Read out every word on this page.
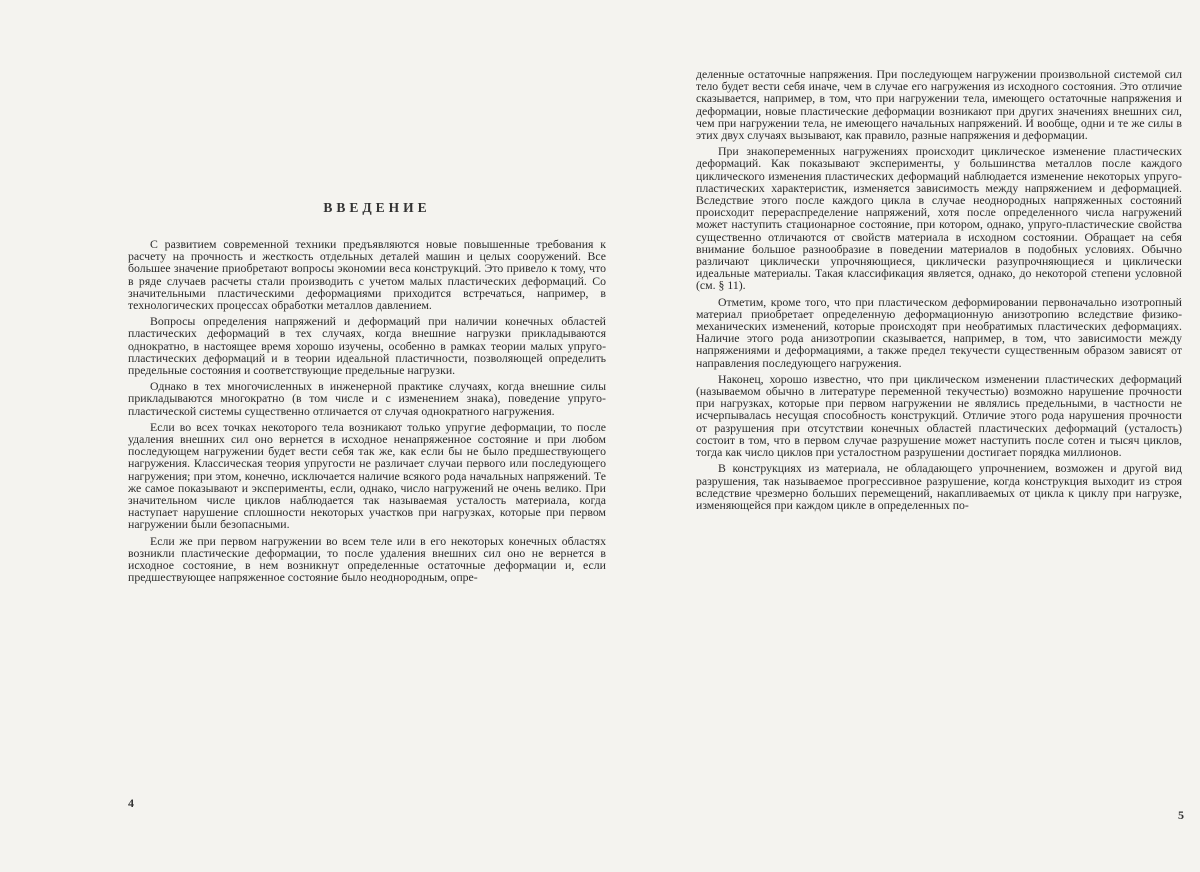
ВВЕДЕНИЕ

С развитием современной техники предъявляются новые повышенные требования к расчету на прочность и жесткость отдельных деталей машин и целых сооружений. Все большее значение приобретают вопросы экономии веса конструкций. Это привело к тому, что в ряде случаев расчеты стали производить с учетом малых пластических деформаций. Со значительными пластическими деформациями приходится встречаться, например, в технологических процессах обработки металлов давлением.

Вопросы определения напряжений и деформаций при наличии конечных областей пластических деформаций в тех случаях, когда внешние нагрузки прикладываются однократно, в настоящее время хорошо изучены, особенно в рамках теории малых упруго-пластических деформаций и в теории идеальной пластичности, позволяющей определить предельные состояния и соответствующие предельные нагрузки.

Однако в тех многочисленных в инженерной практике случаях, когда внешние силы прикладываются многократно (в том числе и с изменением знака), поведение упруго-пластической системы существенно отличается от случая однократного нагружения.

Если во всех точках некоторого тела возникают только упругие деформации, то после удаления внешних сил оно вернется в исходное ненапряженное состояние и при любом последующем нагружении будет вести себя так же, как если бы не было предшествующего нагружения. Классическая теория упругости не различает случаи первого или последующего нагружения; при этом, конечно, исключается наличие всякого рода начальных напряжений. Те же самое показывают и эксперименты, если, однако, число нагружений не очень велико. При значительном числе циклов наблюдается так называемая усталость материала, когда наступает нарушение сплошности некоторых участков при нагрузках, которые при первом нагружении были безопасными.

Если же при первом нагружении во всем теле или в его некоторых конечных областях возникли пластические деформации, то после удаления внешних сил оно не вернется в исходное состояние, в нем возникнут определенные остаточные деформации и, если предшествующее напряженное состояние было неоднородным, опре-

4

деленные остаточные напряжения. При последующем нагружении произвольной системой сил тело будет вести себя иначе, чем в случае его нагружения из исходного состояния. Это отличие сказывается, например, в том, что при нагружении тела, имеющего остаточные напряжения и деформации, новые пластические деформации возникают при других значениях внешних сил, чем при нагружении тела, не имеющего начальных напряжений. И вообще, одни и те же силы в этих двух случаях вызывают, как правило, разные напряжения и деформации.

При знакопеременных нагружениях происходит циклическое изменение пластических деформаций. Как показывают эксперименты, у большинства металлов после каждого циклического изменения пластических деформаций наблюдается изменение некоторых упруго-пластических характеристик, изменяется зависимость между напряжением и деформацией. Вследствие этого после каждого цикла в случае неоднородных напряженных состояний происходит перераспределение напряжений, хотя после определенного числа нагружений может наступить стационарное состояние, при котором, однако, упруго-пластические свойства существенно отличаются от свойств материала в исходном состоянии. Обращает на себя внимание большое разнообразие в поведении материалов в подобных условиях. Обычно различают циклически упрочняющиеся, циклически разупрочняющиеся и циклически идеальные материалы. Такая классификация является, однако, до некоторой степени условной (см. § 11).

Отметим, кроме того, что при пластическом деформировании первоначально изотропный материал приобретает определенную деформационную анизотропию вследствие физико-механических изменений, которые происходят при необратимых пластических деформациях. Наличие этого рода анизотропии сказывается, например, в том, что зависимости между напряжениями и деформациями, а также предел текучести существенным образом зависят от направления последующего нагружения.

Наконец, хорошо известно, что при циклическом изменении пластических деформаций (называемом обычно в литературе переменной текучестью) возможно нарушение прочности при нагрузках, которые при первом нагружении не являлись предельными, в частности не исчерпывалась несущая способность конструкций. Отличие этого рода нарушения прочности от разрушения при отсутствии конечных областей пластических деформаций (усталость) состоит в том, что в первом случае разрушение может наступить после сотен и тысяч циклов, тогда как число циклов при усталостном разрушении достигает порядка миллионов.

В конструкциях из материала, не обладающего упрочнением, возможен и другой вид разрушения, так называемое прогрессивное разрушение, когда конструкция выходит из строя вследствие чрезмерно больших перемещений, накапливаемых от цикла к циклу при нагрузке, изменяющейся при каждом цикле в определенных по-

5
